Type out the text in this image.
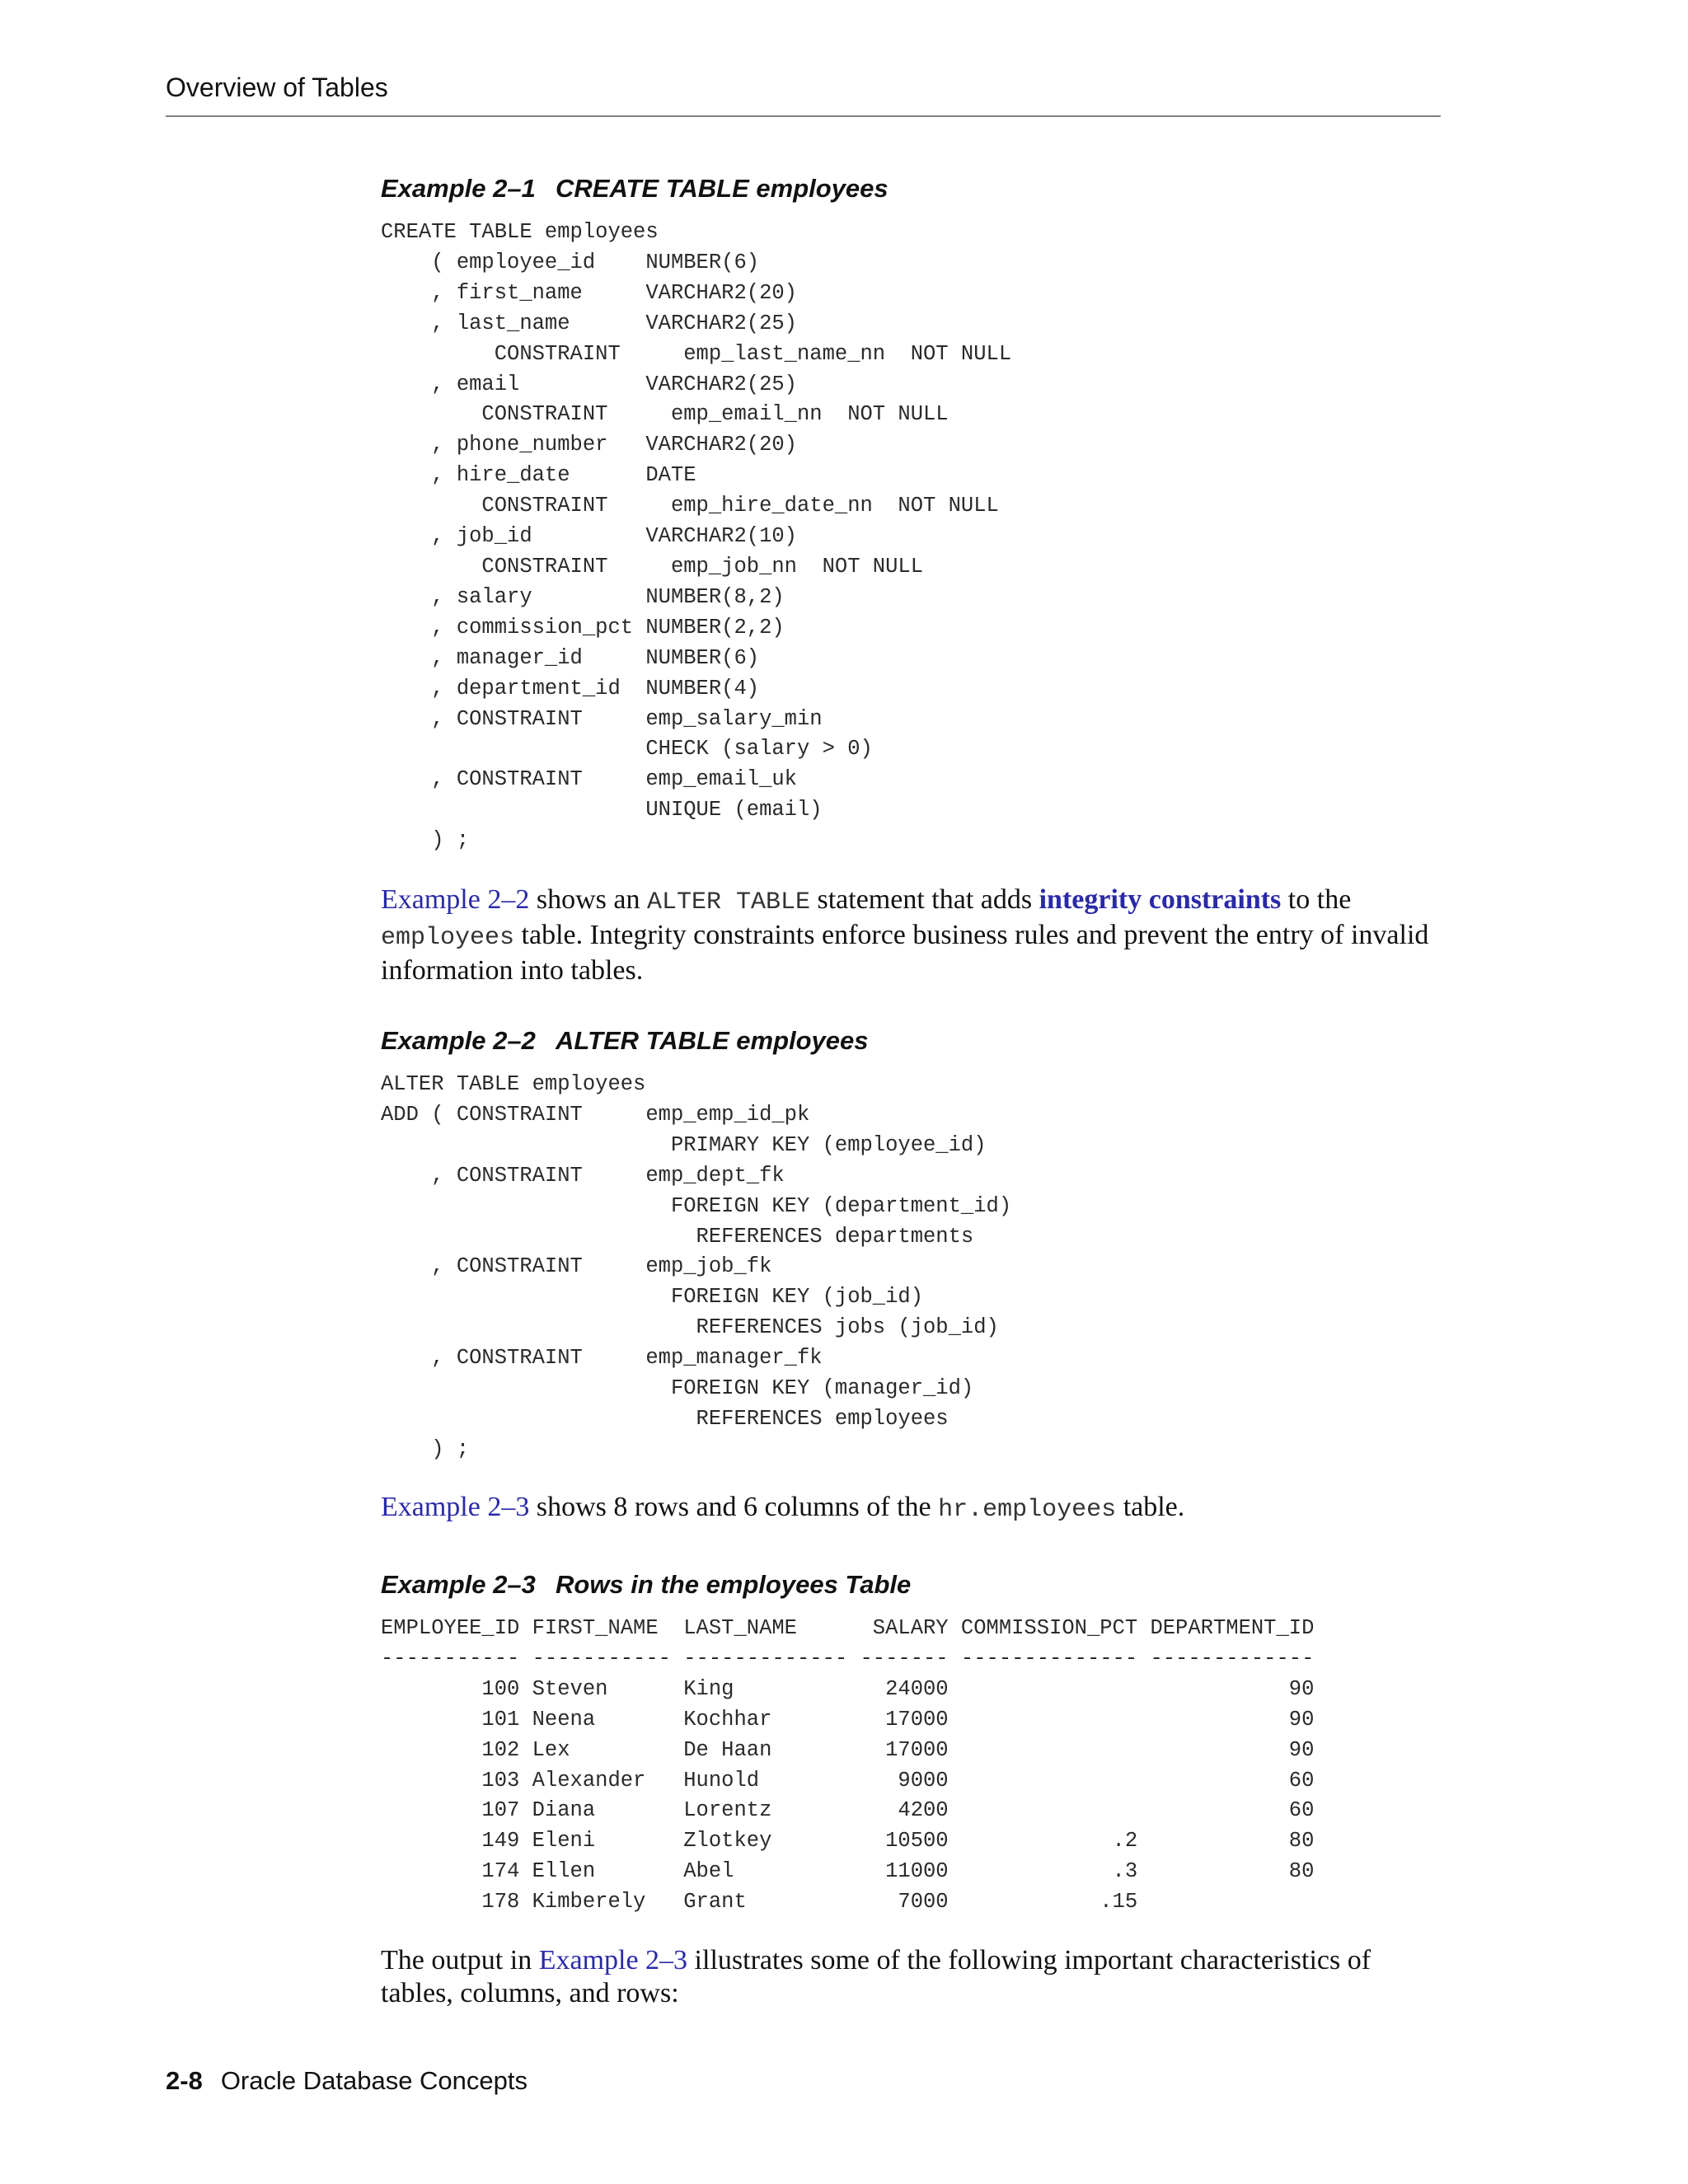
Overview of Tables
Example 2–1 CREATE TABLE employees
CREATE TABLE employees
( employee_id    NUMBER(6)
, first_name     VARCHAR2(20)
, last_name      VARCHAR2(25)
CONSTRAINT     emp_last_name_nn  NOT NULL
, email          VARCHAR2(25)
CONSTRAINT     emp_email_nn  NOT NULL
, phone_number   VARCHAR2(20)
, hire_date      DATE
CONSTRAINT     emp_hire_date_nn  NOT NULL
, job_id         VARCHAR2(10)
CONSTRAINT     emp_job_nn  NOT NULL
, salary         NUMBER(8,2)
, commission_pct NUMBER(2,2)
, manager_id     NUMBER(6)
, department_id  NUMBER(4)
, CONSTRAINT     emp_salary_min
CHECK (salary > 0)
, CONSTRAINT     emp_email_uk
UNIQUE (email)
) ;

Example 2–2 shows an ALTER TABLE statement that adds integrity constraints to the employees table. Integrity constraints enforce business rules and prevent the entry of invalid information into tables.

Example 2–2 ALTER TABLE employees
ALTER TABLE employees
ADD ( CONSTRAINT     emp_emp_id_pk
PRIMARY KEY (employee_id)
, CONSTRAINT     emp_dept_fk
FOREIGN KEY (department_id)
REFERENCES departments
, CONSTRAINT     emp_job_fk
FOREIGN KEY (job_id)
REFERENCES jobs (job_id)
, CONSTRAINT     emp_manager_fk
FOREIGN KEY (manager_id)
REFERENCES employees
) ;

Example 2–3 shows 8 rows and 6 columns of the hr.employees table.

Example 2–3 Rows in the employees Table
EMPLOYEE_ID FIRST_NAME  LAST_NAME      SALARY COMMISSION_PCT DEPARTMENT_ID
----------- ----------- ------------- ------- -------------- -------------
100 Steven      King            24000                           90
101 Neena       Kochhar         17000                           90
102 Lex         De Haan         17000                           90
103 Alexander   Hunold           9000                           60
107 Diana       Lorentz          4200                           60
149 Eleni       Zlotkey         10500             .2            80
174 Ellen       Abel            11000             .3            80
178 Kimberely   Grant            7000            .15

The output in Example 2–3 illustrates some of the following important characteristics of tables, columns, and rows:

2-8 Oracle Database Concepts
